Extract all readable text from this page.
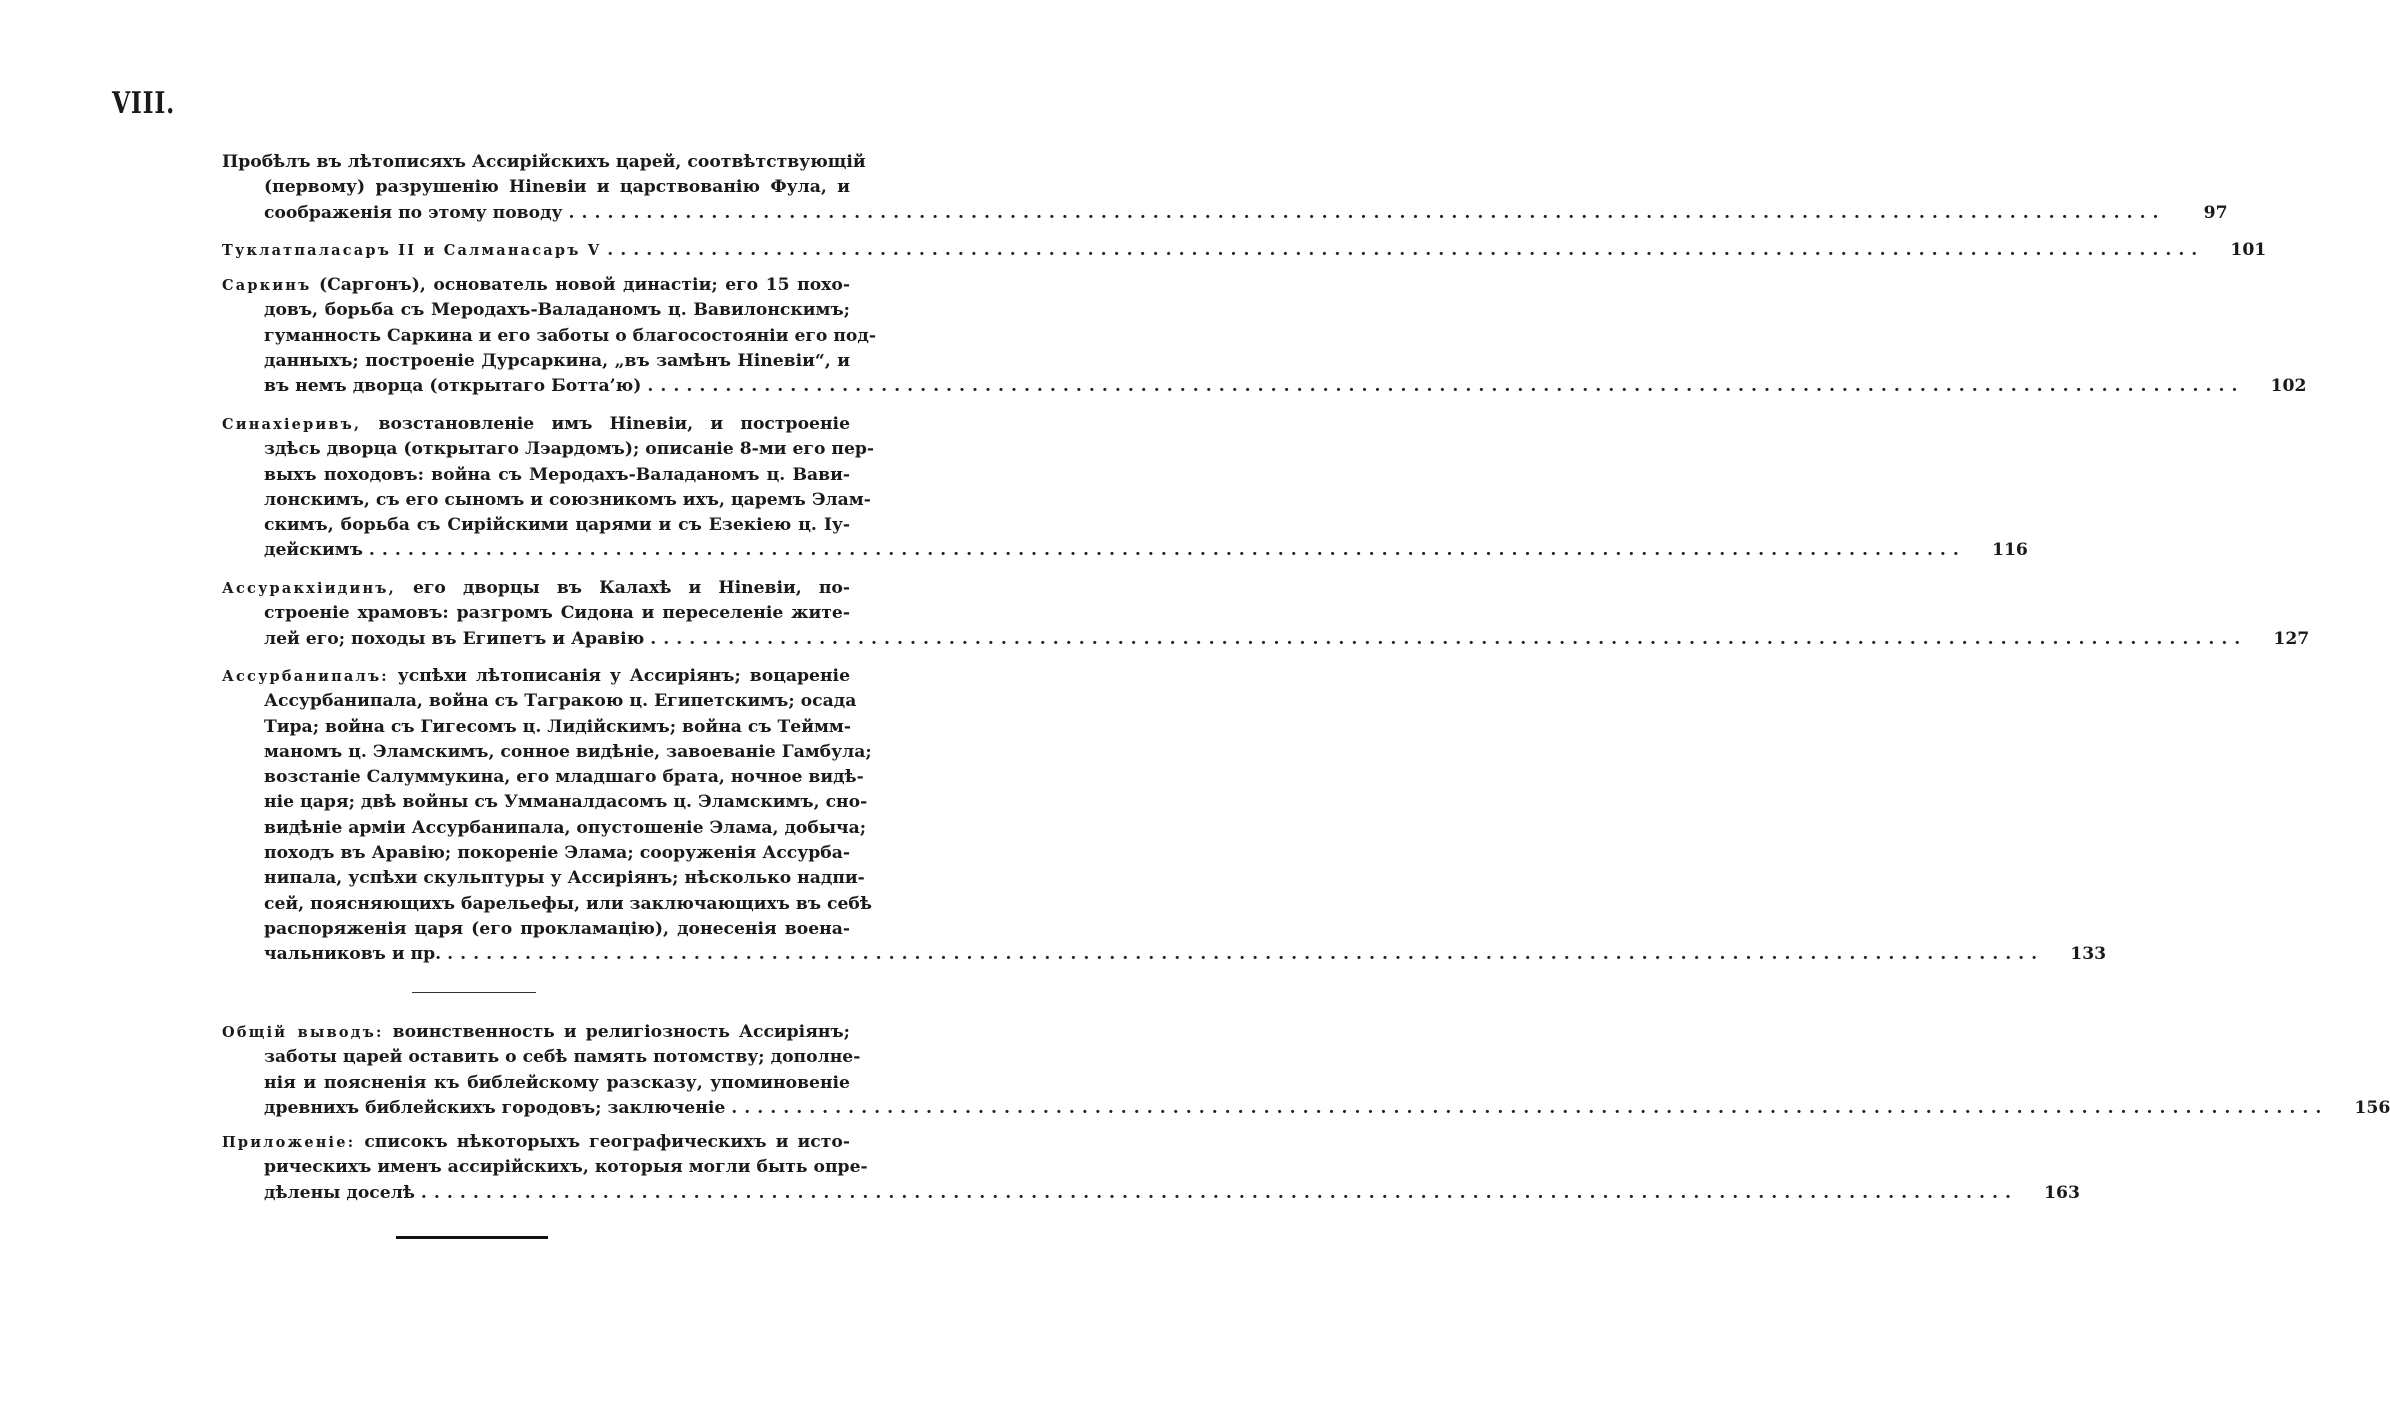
VIII.
Пробѣлъ въ лѣтописяхъ Ассирійскихъ царей, соотвѣтствующій
(первому) разрушенію Нineвіи и царствованію Фула, и
соображенія по этому поводу ...........................................................................................................................	97
Туклатпаласаръ II и Салманасаръ V ...........................................................................................................................	101
Саркинъ (Саргонъ), основатель новой династіи; его 15 похо-
довъ, борьба съ Меродахъ-Валаданомъ ц. Вавилонскимъ;
гуманность Саркина и его заботы о благосостояніи его под-
данныхъ; построеніе Дурсаркина, „въ замѣнъ Нineвіи“, и
въ немъ дворца (открытаго Ботта’ю) ...........................................................................................................................	102
Синахіеривъ, возстановленіе имъ Нineвіи, и построеніе
здѣсь дворца (открытаго Лэардомъ); описаніе 8-ми его пер-
выхъ походовъ: война съ Меродахъ-Валаданомъ ц. Вави-
лонскимъ, съ его сыномъ и союзникомъ ихъ, царемъ Элам-
скимъ, борьба съ Сирійскими царями и съ Езекіею ц. Іу-
дейскимъ ...........................................................................................................................	116
Ассуракхіидинъ, его дворцы въ Калахѣ и Нineвіи, по-
строеніе храмовъ: разгромъ Сидона и переселеніе жите-
лей его; походы въ Египетъ и Аравію ...........................................................................................................................	127
Ассурбанипалъ: успѣхи лѣтописанія у Ассиріянъ; воцареніе
Ассурбанипала, война съ Тагракою ц. Египетскимъ; осада
Тира; война съ Гигесомъ ц. Лидійскимъ; война съ Теймм-
маномъ ц. Эламскимъ, сонное видѣніе, завоеваніе Гамбула;
возстаніе Салуммукина, его младшаго брата, ночное видѣ-
ніе царя; двѣ войны съ Умманалдасомъ ц. Эламскимъ, сно-
видѣніе арміи Ассурбанипала, опустошеніе Элама, добыча;
походъ въ Аравію; покореніе Элама; сооруженія Ассурба-
нипала, успѣхи скульптуры у Ассиріянъ; нѣсколько надпи-
сей, поясняющихъ барельефы, или заключающихъ въ себѣ
распоряженія царя (его прокламацію), донесенія военa-
чальниковъ и пр. ...........................................................................................................................	133
Общій выводъ: воинственность и религіозность Ассиріянъ;
заботы царей оставить о себѣ память потомству; дополне-
нія и поясненія къ библейскому разсказу, упоминовеніе
древнихъ библейскихъ городовъ; заключеніе ...........................................................................................................................	156
Приложеніе: списокъ нѣкоторыхъ географическихъ и исто-
рическихъ именъ ассирійскихъ, которыя могли быть опре-
дѣлены доселѣ ...........................................................................................................................	163
